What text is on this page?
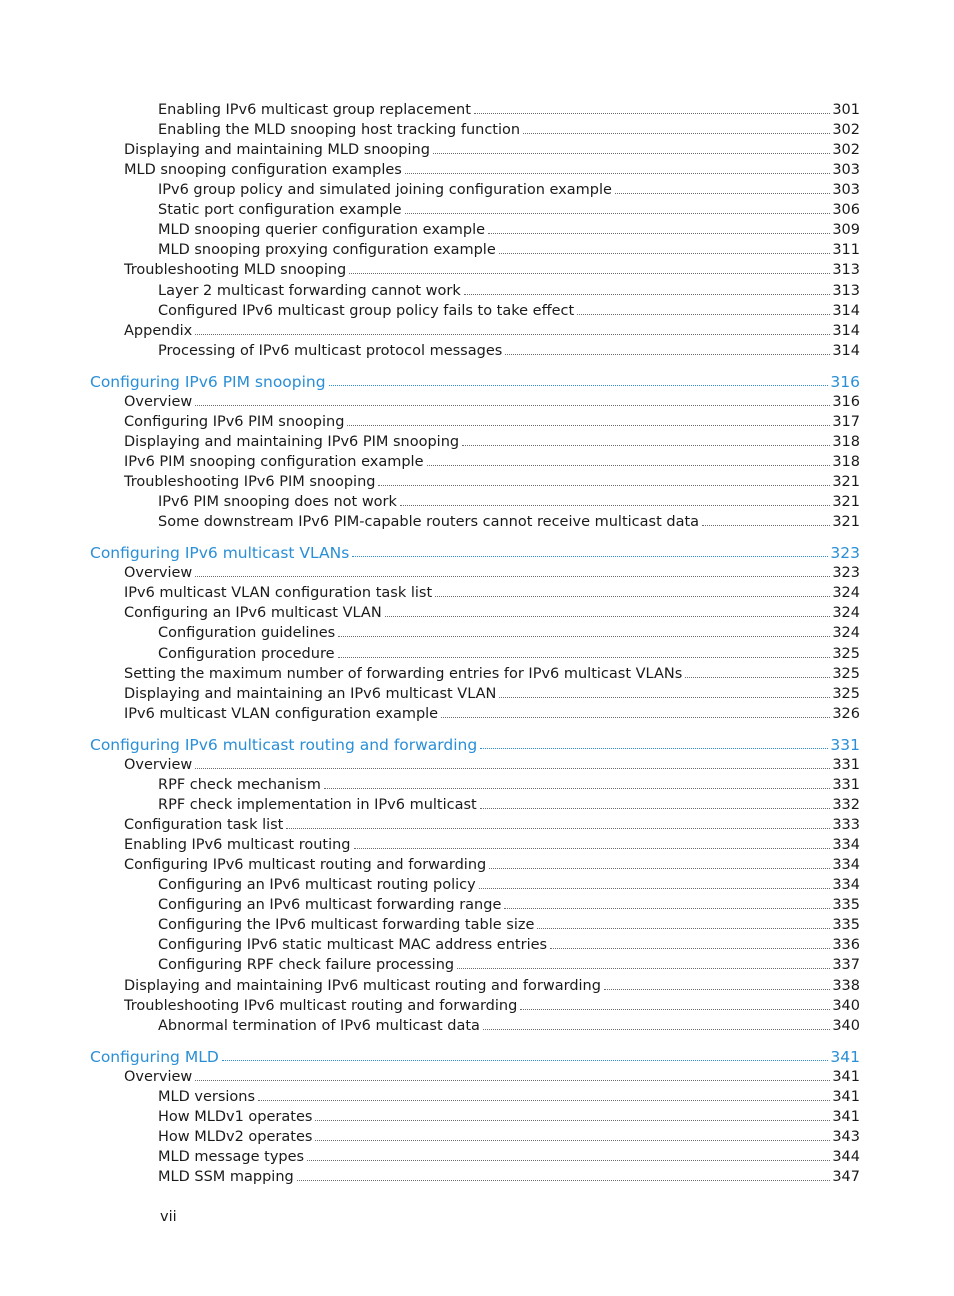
Enabling IPv6 multicast group replacement	301
Enabling the MLD snooping host tracking function	302
Displaying and maintaining MLD snooping	302
MLD snooping configuration examples	303
IPv6 group policy and simulated joining configuration example	303
Static port configuration example	306
MLD snooping querier configuration example	309
MLD snooping proxying configuration example	311
Troubleshooting MLD snooping	313
Layer 2 multicast forwarding cannot work	313
Configured IPv6 multicast group policy fails to take effect	314
Appendix	314
Processing of IPv6 multicast protocol messages	314
Configuring IPv6 PIM snooping	316
Overview	316
Configuring IPv6 PIM snooping	317
Displaying and maintaining IPv6 PIM snooping	318
IPv6 PIM snooping configuration example	318
Troubleshooting IPv6 PIM snooping	321
IPv6 PIM snooping does not work	321
Some downstream IPv6 PIM-capable routers cannot receive multicast data	321
Configuring IPv6 multicast VLANs	323
Overview	323
IPv6 multicast VLAN configuration task list	324
Configuring an IPv6 multicast VLAN	324
Configuration guidelines	324
Configuration procedure	325
Setting the maximum number of forwarding entries for IPv6 multicast VLANs	325
Displaying and maintaining an IPv6 multicast VLAN	325
IPv6 multicast VLAN configuration example	326
Configuring IPv6 multicast routing and forwarding	331
Overview	331
RPF check mechanism	331
RPF check implementation in IPv6 multicast	332
Configuration task list	333
Enabling IPv6 multicast routing	334
Configuring IPv6 multicast routing and forwarding	334
Configuring an IPv6 multicast routing policy	334
Configuring an IPv6 multicast forwarding range	335
Configuring the IPv6 multicast forwarding table size	335
Configuring IPv6 static multicast MAC address entries	336
Configuring RPF check failure processing	337
Displaying and maintaining IPv6 multicast routing and forwarding	338
Troubleshooting IPv6 multicast routing and forwarding	340
Abnormal termination of IPv6 multicast data	340
Configuring MLD	341
Overview	341
MLD versions	341
How MLDv1 operates	341
How MLDv2 operates	343
MLD message types	344
MLD SSM mapping	347
vii
